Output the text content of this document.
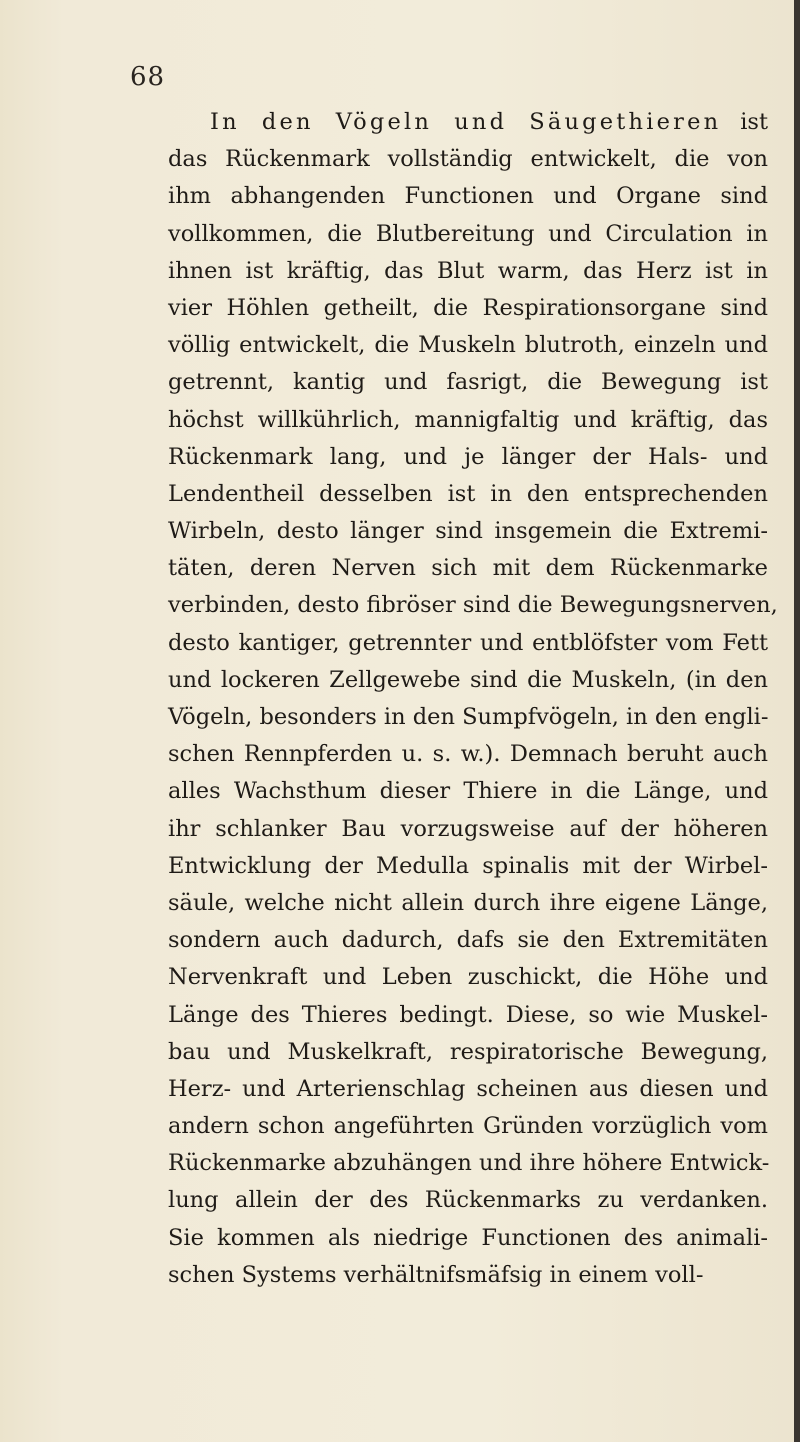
68
In den Vögeln und Säugethieren ist
das Rückenmark vollständig entwickelt, die von
ihm abhangenden Functionen und Organe sind
vollkommen, die Blutbereitung und Circulation in
ihnen ist kräftig, das Blut warm, das Herz ist in
vier Höhlen getheilt, die Respirationsorgane sind
völlig entwickelt, die Muskeln blutroth, einzeln und
getrennt, kantig und fasrigt, die Bewegung ist
höchst willkührlich, mannigfaltig und kräftig, das
Rückenmark lang, und je länger der Hals- und
Lendentheil desselben ist in den entsprechenden
Wirbeln, desto länger sind insgemein die Extremi-
täten, deren Nerven sich mit dem Rückenmarke
verbinden, desto fibröser sind die Bewegungsnerven,
desto kantiger, getrennter und entblöfster vom Fett
und lockeren Zellgewebe sind die Muskeln, (in den
Vögeln, besonders in den Sumpfvögeln, in den engli-
schen Rennpferden u. s. w.). Demnach beruht auch
alles Wachsthum dieser Thiere in die Länge, und
ihr schlanker Bau vorzugsweise auf der höheren
Entwicklung der Medulla spinalis mit der Wirbel-
säule, welche nicht allein durch ihre eigene Länge,
sondern auch dadurch, dafs sie den Extremitäten
Nervenkraft und Leben zuschickt, die Höhe und
Länge des Thieres bedingt. Diese, so wie Muskel-
bau und Muskelkraft, respiratorische Bewegung,
Herz- und Arterienschlag scheinen aus diesen und
andern schon angeführten Gründen vorzüglich vom
Rückenmarke abzuhängen und ihre höhere Entwick-
lung allein der des Rückenmarks zu verdanken.
Sie kommen als niedrige Functionen des animali-
schen Systems verhältnifsmäfsig in einem voll-
